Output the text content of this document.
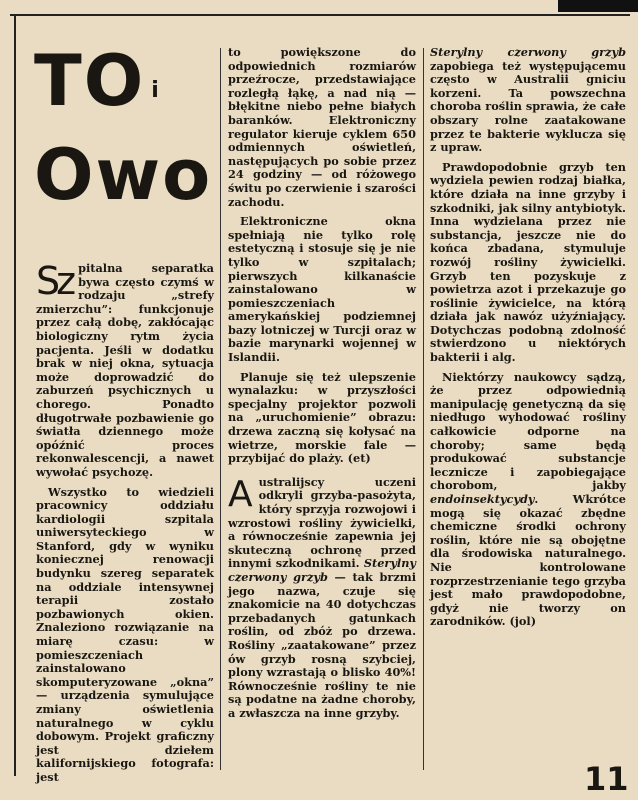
TO i
Owo

Sz pitalna separatka bywa często czymś w rodzaju „strefy zmierzchu”: funkcjonuje przez całą dobę, zakłócając biologiczny rytm życia pacjenta. Jeśli w dodatku brak w niej okna, sytuacja może doprowadzić do zaburzeń psychicznych u chorego. Ponadto długotrwałe pozbawienie go światła dziennego może opóźnić proces rekonwalescencji, a nawet wywołać psychozę.

Wszystko to wiedzieli pracownicy oddziału kardiologii szpitala uniwersyteckiego w Stanford, gdy w wyniku koniecznej renowacji budynku szereg separatek na oddziale intensywnej terapii zostało pozbawionych okien. Znaleziono rozwiązanie na miarę czasu: w pomieszczeniach zainstalowano skomputeryzowane „okna” — urządzenia symulujące zmiany oświetlenia naturalnego w cyklu dobowym. Projekt graficzny jest dziełem kalifornijskiego fotografa: jest

to powiększone do odpowiednich rozmiarów przeźrocze, przedstawiające rozległą łąkę, a nad nią — błękitne niebo pełne białych baranków. Elektroniczny regulator kieruje cyklem 650 odmiennych oświetleń, następujących po sobie przez 24 godziny — od różowego świtu po czerwienie i szarości zachodu.

Elektroniczne okna spełniają nie tylko rolę estetyczną i stosuje się je nie tylko w szpitalach; pierwszych kilkanaście zainstalowano w pomieszczeniach amerykańskiej podziemnej bazy lotniczej w Turcji oraz w bazie marynarki wojennej w Islandii.

Planuje się też ulepszenie wynalazku: w przyszłości specjalny projektor pozwoli na „uruchomienie” obrazu: drzewa zaczną się kołysać na wietrze, morskie fale — przybijać do plaży. (et)

Australijscy uczeni odkryli grzyba-pasożyta, który sprzyja rozwojowi i wzrostowi rośliny żywicielki, a równocześnie zapewnia jej skuteczną ochronę przed innymi szkodnikami. Sterylny czerwony grzyb — tak brzmi jego nazwa, czuje się znakomicie na 40 dotychczas przebadanych gatunkach roślin, od zbóż po drzewa. Rośliny „zaatakowane” przez ów grzyb rosną szybciej, plony wzrastają o blisko 40%! Równocześnie rośliny te nie są podatne na żadne choroby, a zwłaszcza na inne grzyby.

Sterylny czerwony grzyb zapobiega też występującemu często w Australii gniciu korzeni. Ta powszechna choroba roślin sprawia, że całe obszary rolne zaatakowane przez te bakterie wyklucza się z upraw.

Prawdopodobnie grzyb ten wydziela pewien rodzaj białka, które działa na inne grzyby i szkodniki, jak silny antybiotyk. Inna wydzielana przez nie substancja, jeszcze nie do końca zbadana, stymuluje rozwój rośliny żywicielki. Grzyb ten pozyskuje z powietrza azot i przekazuje go roślinie żywicielce, na którą działa jak nawóz użyźniający. Dotychczas podobną zdolność stwierdzono u niektórych bakterii i alg.

Niektórzy naukowcy sądzą, że przez odpowiednią manipulację genetyczną da się niedługo wyhodować rośliny całkowicie odporne na choroby; same będą produkować substancje lecznicze i zapobiegające chorobom, jakby endoinsektycydy. Wkrótce mogą się okazać zbędne chemiczne środki ochrony roślin, które nie są obojętne dla środowiska naturalnego. Nie kontrolowane rozprzestrzenianie tego grzyba jest mało prawdopodobne, gdyż nie tworzy on zarodników. (jol)

11
